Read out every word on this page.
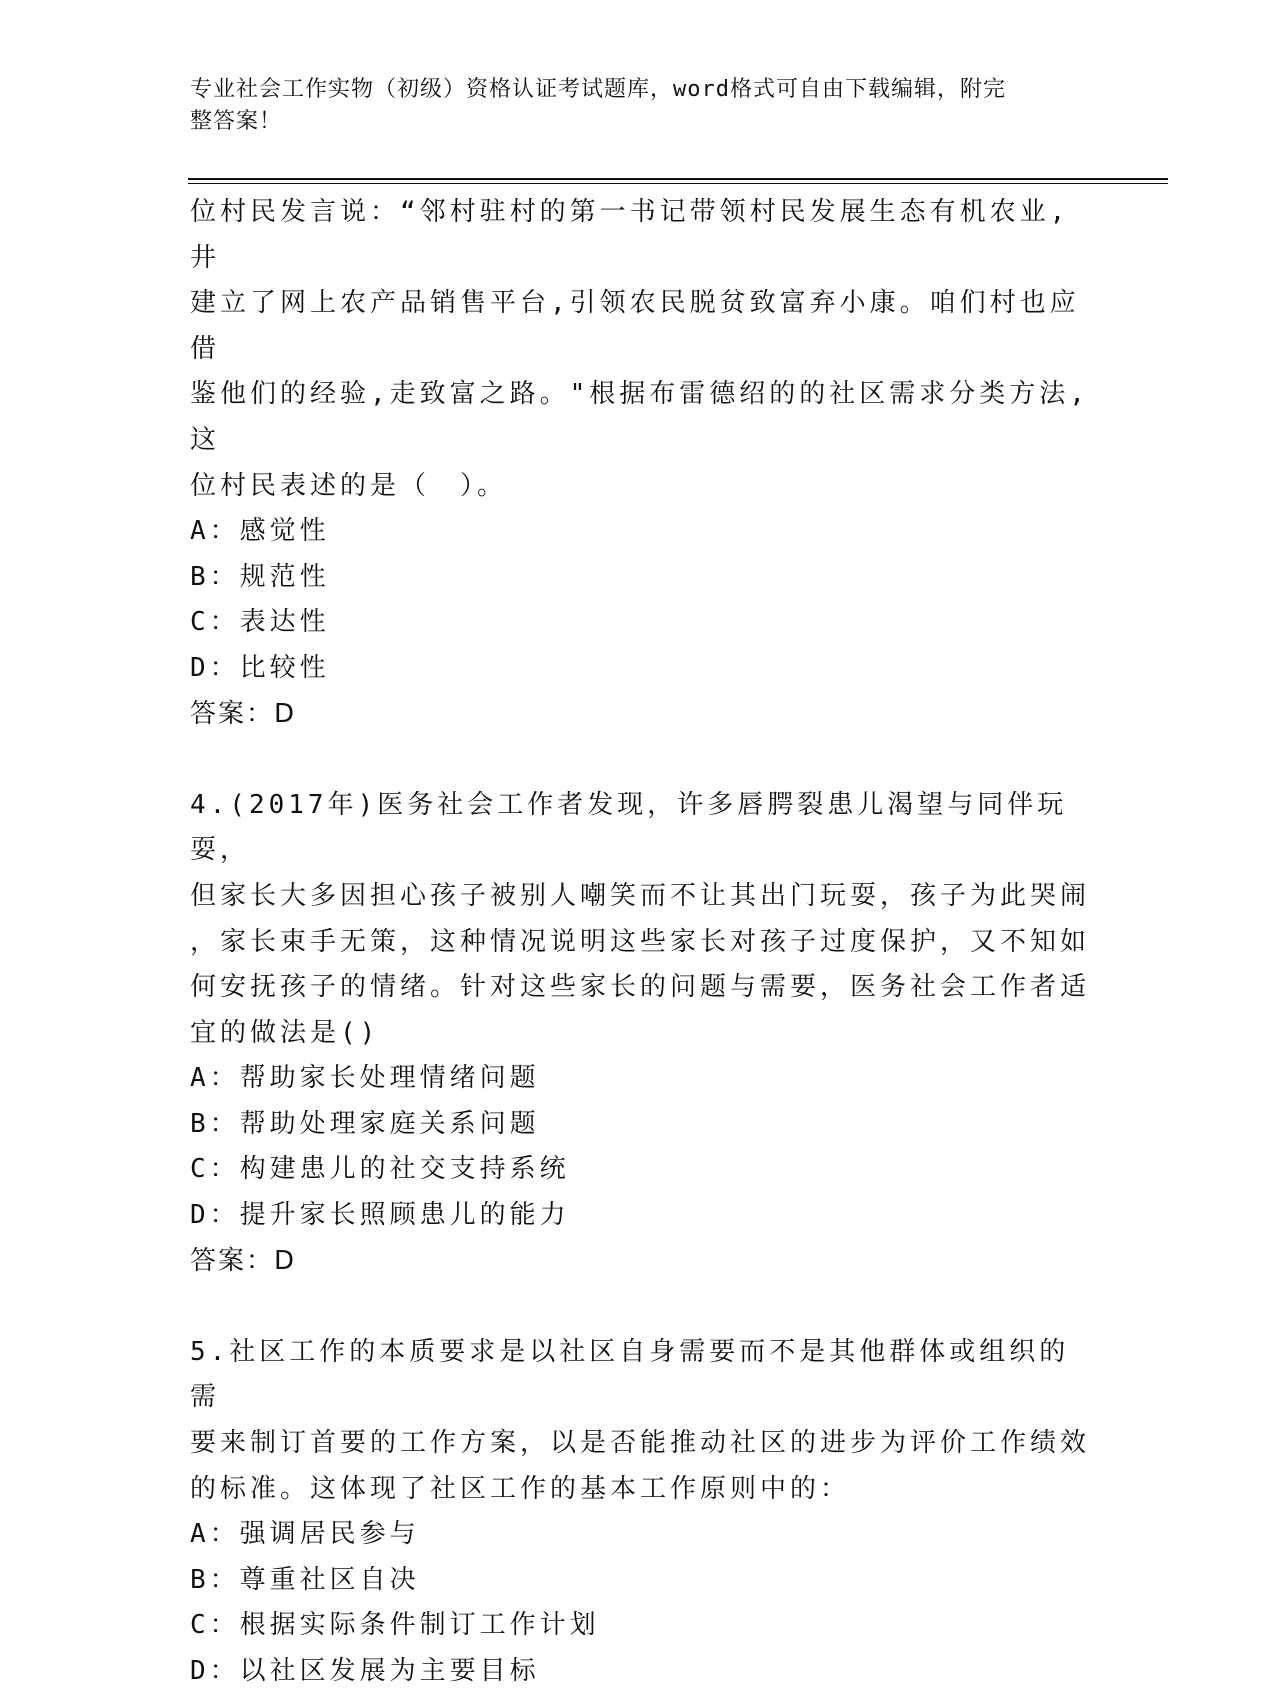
专业社会工作实物（初级）资格认证考试题库，word格式可自由下载编辑，附完
整答案！

位村民发言说：“邻村驻村的第一书记带领村民发展生态有机农业,井

建立了网上农产品销售平台,引领农民脱贫致富弃小康。咱们村也应借

鉴他们的经验,走致富之路。"根据布雷德绍的的社区需求分类方法,这

位村民表述的是（　）。

A：感觉性

B：规范性

C：表达性

D：比较性

答案：D

4.(2017年)医务社会工作者发现，许多唇腭裂患儿渴望与同伴玩耍，

但家长大多因担心孩子被别人嘲笑而不让其出门玩耍，孩子为此哭闹

，家长束手无策，这种情况说明这些家长对孩子过度保护，又不知如

何安抚孩子的情绪。针对这些家长的问题与需要，医务社会工作者适

宜的做法是()

A：帮助家长处理情绪问题

B：帮助处理家庭关系问题

C：构建患儿的社交支持系统

D：提升家长照顾患儿的能力

答案：D

5.社区工作的本质要求是以社区自身需要而不是其他群体或组织的需

要来制订首要的工作方案，以是否能推动社区的进步为评价工作绩效

的标准。这体现了社区工作的基本工作原则中的：

A：强调居民参与

B：尊重社区自决

C：根据实际条件制订工作计划

D：以社区发展为主要目标
